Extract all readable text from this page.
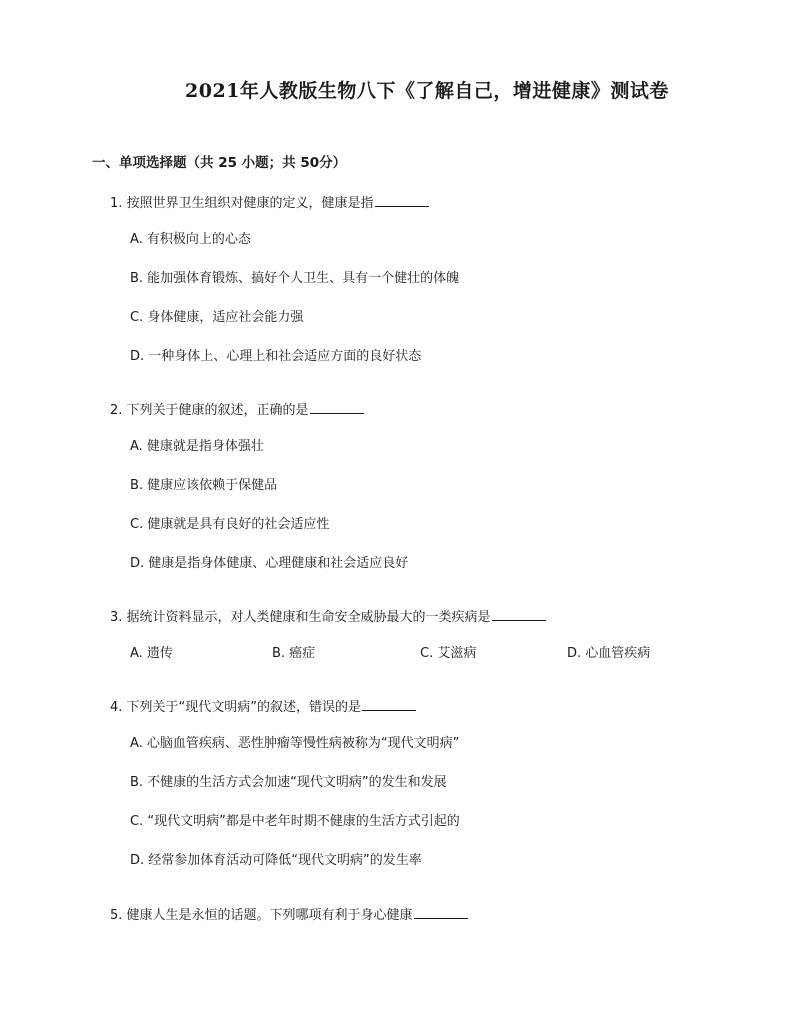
2021年人教版生物八下《了解自己，增进健康》测试卷
一、单项选择题（共 25 小题；共 50分）
1. 按照世界卫生组织对健康的定义，健康是指
A. 有积极向上的心态
B. 能加强体育锻炼、搞好个人卫生、具有一个健壮的体魄
C. 身体健康，适应社会能力强
D. 一种身体上、心理上和社会适应方面的良好状态
2. 下列关于健康的叙述，正确的是
A. 健康就是指身体强壮
B. 健康应该依赖于保健品
C. 健康就是具有良好的社会适应性
D. 健康是指身体健康、心理健康和社会适应良好
3. 据统计资料显示，对人类健康和生命安全威胁最大的一类疾病是
A. 遗传	B. 癌症	C. 艾滋病	D. 心血管疾病
4. 下列关于“现代文明病”的叙述，错误的是
A. 心脑血管疾病、恶性肿瘤等慢性病被称为“现代文明病”
B. 不健康的生活方式会加速“现代文明病”的发生和发展
C. “现代文明病”都是中老年时期不健康的生活方式引起的
D. 经常参加体育活动可降低“现代文明病”的发生率
5. 健康人生是永恒的话题。下列哪项有利于身心健康
